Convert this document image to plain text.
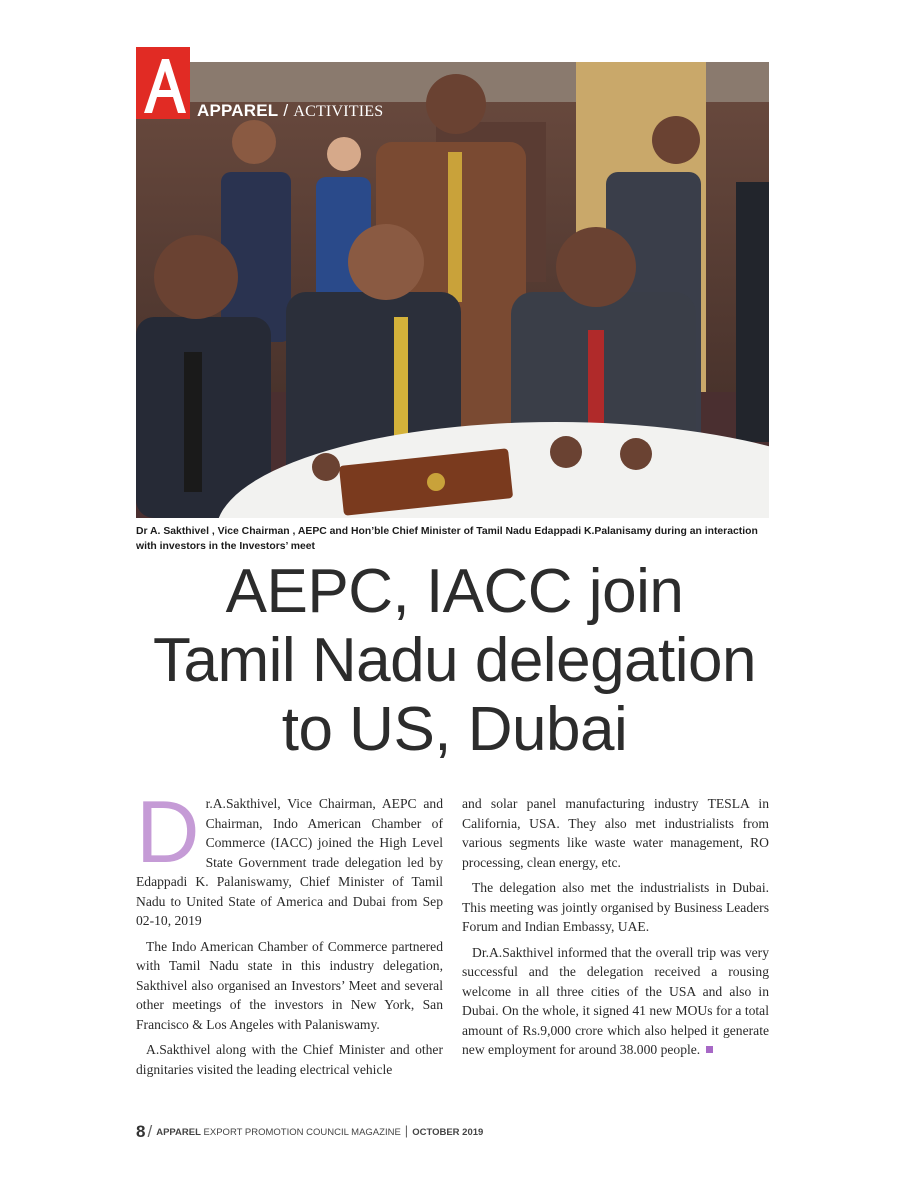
APPAREL / ACTIVITIES
Dr A. Sakthivel , Vice Chairman , AEPC and Hon’ble Chief Minister of Tamil Nadu Edappadi K.Palanisamy during an interaction with investors in the Investors’ meet
AEPC, IACC join
Tamil Nadu delegation
to US, Dubai

Dr.A.Sakthivel, Vice Chairman, AEPC and Chairman, Indo American Chamber of Commerce (IACC) joined the High Level State Government trade delegation led by Edappadi K. Palaniswamy, Chief Minister of Tamil Nadu to United State of America and Dubai from Sep 02-10, 2019

The Indo American Chamber of Commerce partnered with Tamil Nadu state in this industry delegation, Sakthivel also organised an Investors’ Meet and several other meetings of the investors in New York, San Francisco & Los Angeles with Palaniswamy.

A.Sakthivel along with the Chief Minister and other dignitaries visited the leading electrical vehicle

and solar panel manufacturing industry TESLA in California, USA. They also met industrialists from various segments like waste water management, RO processing, clean energy, etc.

The delegation also met the industrialists in Dubai. This meeting was jointly organised by Business Leaders Forum and Indian Embassy, UAE.

Dr.A.Sakthivel informed that the overall trip was very successful and the delegation received a rousing welcome in all three cities of the USA and also in Dubai. On the whole, it signed 41 new MOUs for a total amount of Rs.9,000 crore which also helped it generate new employment for around 38.000 people.

8 / APPAREL EXPORT PROMOTION COUNCIL MAGAZINE | OCTOBER 2019
